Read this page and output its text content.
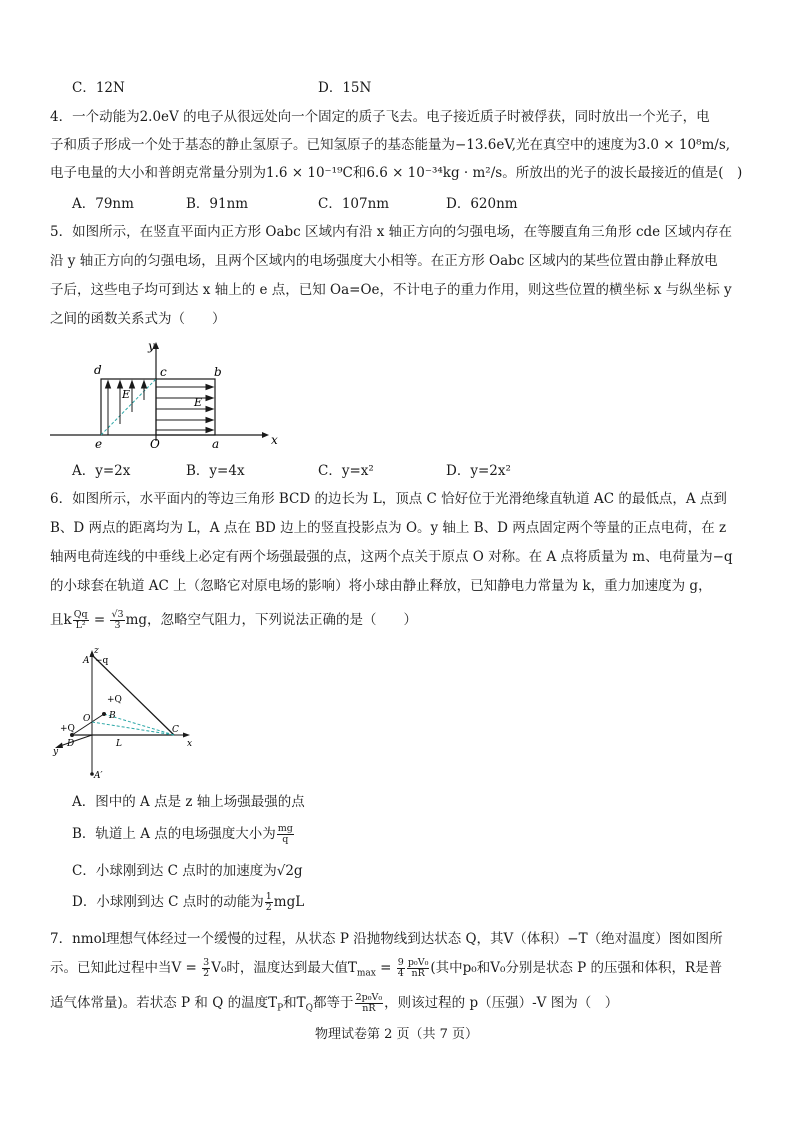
C．12N	D．15N
4．一个动能为2.0eV 的电子从很远处向一个固定的质子飞去。电子接近质子时被俘获，同时放出一个光子，电
子和质子形成一个处于基态的静止氢原子。已知氢原子的基态能量为−13.6eV,光在真空中的速度为3.0 × 10⁸m/s,
电子电量的大小和普朗克常量分别为1.6 × 10⁻¹⁹C和6.6 × 10⁻³⁴kg · m²/s。所放出的光子的波长最接近的值是(　)
A．79nm	B．91nm	C．107nm	D．620nm
5．如图所示，在竖直平面内正方形 Oabc 区域内有沿 x 轴正方向的匀强电场，在等腰直角三角形 cde 区域内存在
沿 y 轴正方向的匀强电场，且两个区域内的电场强度大小相等。在正方形 Oabc 区域内的某些位置由静止释放电
子后，这些电子均可到达 x 轴上的 e 点，已知 Oa=Oe，不计电子的重力作用，则这些位置的横坐标 x 与纵坐标 y
之间的函数关系式为（　　）
y
x
d	c	b
e	O	a
E
E
A．y=2x	B．y=4x	C．y=x²	D．y=2x²
6．如图所示，水平面内的等边三角形 BCD 的边长为 L，顶点 C 恰好位于光滑绝缘直轨道 AC 的最低点，A 点到
B、D 两点的距离均为 L，A 点在 BD 边上的竖直投影点为 O。y 轴上 B、D 两点固定两个等量的正点电荷，在 z
轴两电荷连线的中垂线上必定有两个场强最强的点，这两个点关于原点 O 对称。在 A 点将质量为 m、电荷量为−q
的小球套在轨道 AC 上（忽略它对原电场的影响）将小球由静止释放，已知静电力常量为 k，重力加速度为 g，
且k $\frac{Qq}{\text{L²}} = \frac{√3}{3}$ mg，忽略空气阻力，下列说法正确的是（　　）
z
A −q
+Q
B
O
+Q
D	L
C
x
y
A′
A．图中的 A 点是 z 轴上场强最强的点
B．轨道上 A 点的电场强度大小为 $\frac{mg}{q}$
C．小球刚到达 C 点时的加速度为√2g
D．小球刚到达 C 点时的动能为 $\frac{1}{2}$ mgL
7．nmol理想气体经过一个缓慢的过程，从状态 P 沿抛物线到达状态 Q，其V（体积）−T（绝对温度）图如图所
示。已知此过程中当$V = \frac{3}{2} V_0$时，温度达到最大值$T_{max} = \frac{9}{4} \frac{\text{p₀V₀}}{nR}$ (其中p₀和V₀分别是状态 P 的压强和体积，R是普
适气体常量)。若状态 P 和 Q 的温度$T_P$和$T_Q$都等于 $\frac{\text{2p₀V₀}}{nR}$ ，则该过程的 p（压强）-V 图为（　）
物理试卷第 2 页（共 7 页）
